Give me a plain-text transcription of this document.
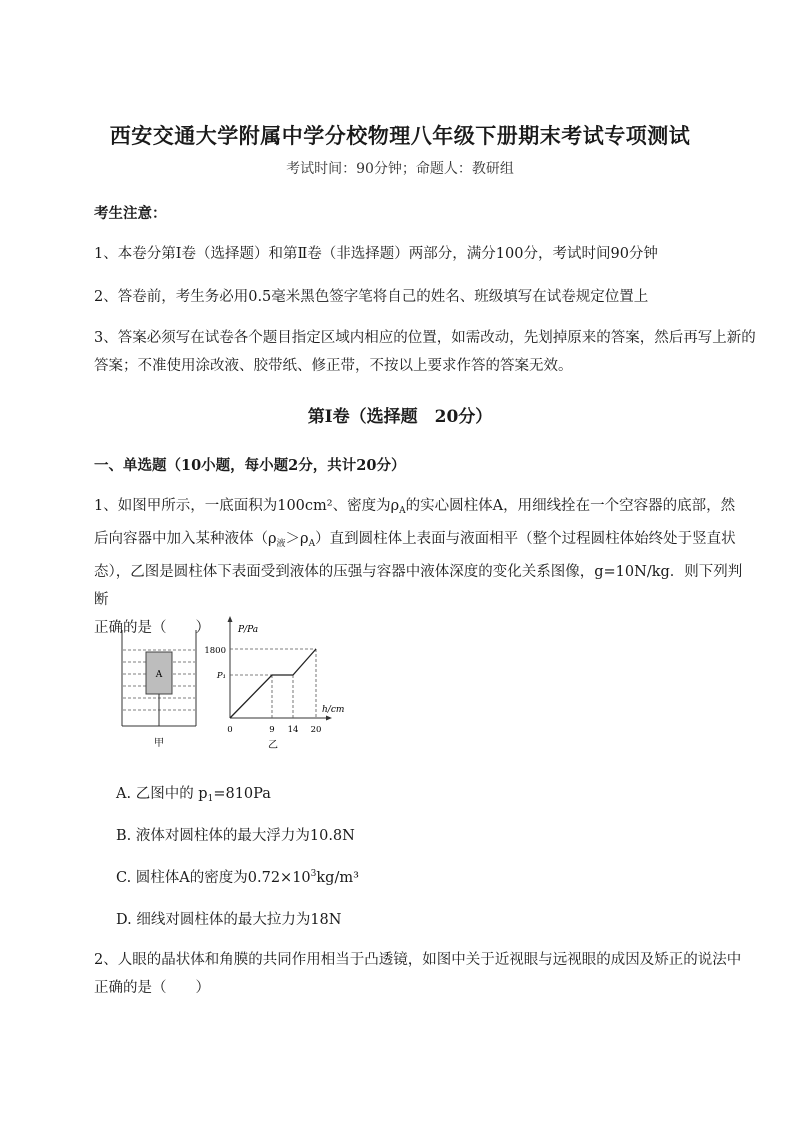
西安交通大学附属中学分校物理八年级下册期末考试专项测试
考试时间：90分钟；命题人：教研组
考生注意：
1、本卷分第I卷（选择题）和第Ⅱ卷（非选择题）两部分，满分100分，考试时间90分钟
2、答卷前，考生务必用0.5毫米黑色签字笔将自己的姓名、班级填写在试卷规定位置上
3、答案必须写在试卷各个题目指定区域内相应的位置，如需改动，先划掉原来的答案，然后再写上新的答案；不准使用涂改液、胶带纸、修正带，不按以上要求作答的答案无效。
第I卷（选择题　20分）
一、单选题（10小题，每小题2分，共计20分）
1、如图甲所示，一底面积为100cm²、密度为$\rho_A$的实心圆柱体A，用细线拴在一个空容器的底部，然
后向容器中加入某种液体$(\rho_液>\rho_A)$直到圆柱体上表面与液面相平（整个过程圆柱体始终处于竖直状
态），乙图是圆柱体下表面受到液体的压强与容器中液体深度的变化关系图像，g=10N/kg．则下列判断
正确的是（　　）
A
甲
P/Pa
h/cm
1800
P₁
0	9 14 20
乙
A. 乙图中的 $p_1=810Pa$
B. 液体对圆柱体的最大浮力为10.8N
C. 圆柱体A的密度为$0.72\times 10^3kg/m^3$
D. 细线对圆柱体的最大拉力为18N
2、人眼的晶状体和角膜的共同作用相当于凸透镜，如图中关于近视眼与远视眼的成因及矫正的说法中
正确的是（　　）
